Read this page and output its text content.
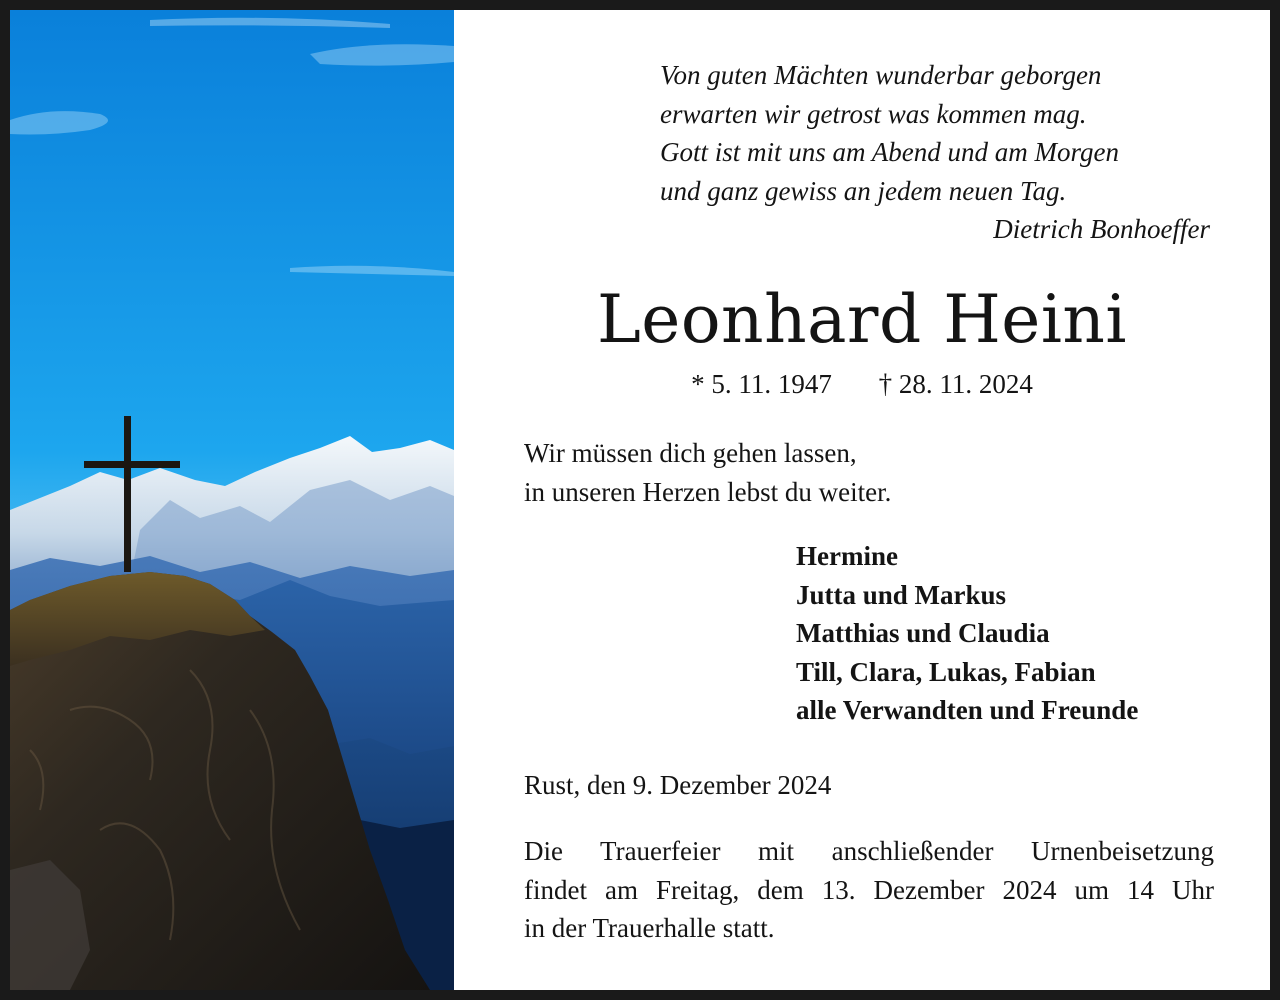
Von guten Mächten wunderbar geborgen
erwarten wir getrost was kommen mag.
Gott ist mit uns am Abend und am Morgen
und ganz gewiss an jedem neuen Tag.
Dietrich Bonhoeffer
Leonhard Heini
* 5. 11. 1947 † 28. 11. 2024
Wir müssen dich gehen lassen,
in unseren Herzen lebst du weiter.
Hermine
Jutta und Markus
Matthias und Claudia
Till, Clara, Lukas, Fabian
alle Verwandten und Freunde
Rust, den 9. Dezember 2024
Die Trauerfeier mit anschließender Urnenbeisetzung
findet am Freitag, dem 13. Dezember 2024 um 14 Uhr
in der Trauerhalle statt.
